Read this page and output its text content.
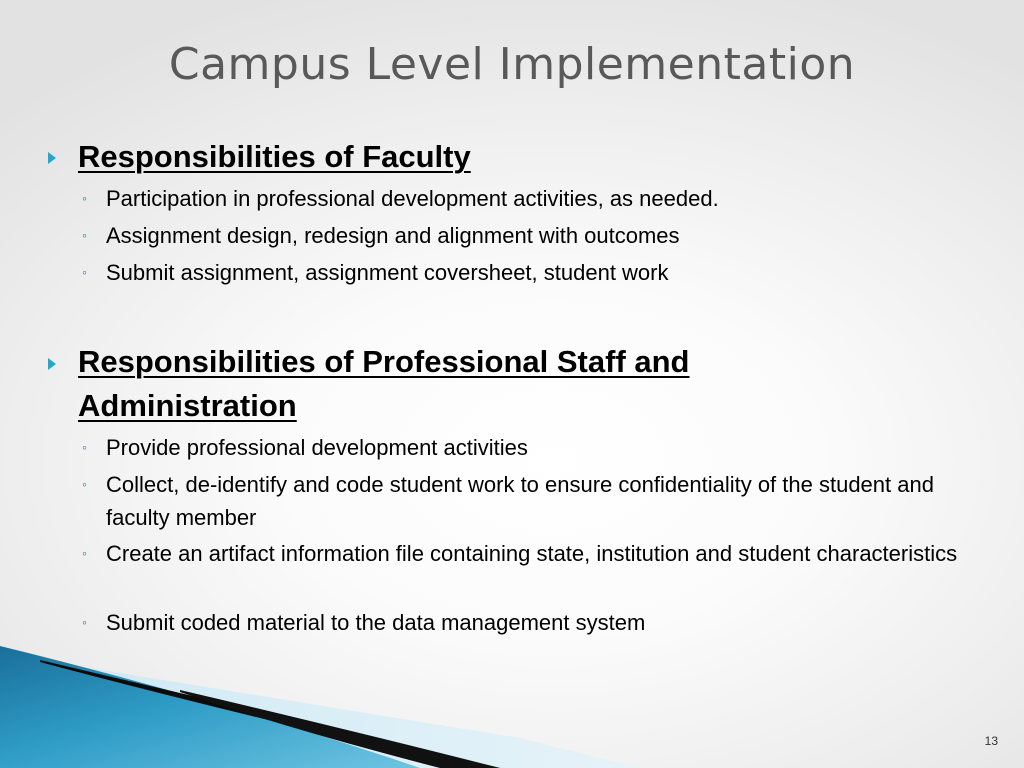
Campus Level Implementation
Responsibilities of Faculty
◦ Participation in professional development activities, as needed.
◦ Assignment design, redesign and alignment with outcomes
◦ Submit assignment, assignment coversheet, student work
Responsibilities of Professional Staff and Administration
◦ Provide professional development activities
◦ Collect, de-identify and code student work to ensure confidentiality of the student and faculty member
◦ Create an artifact information file containing state, institution and student characteristics
◦ Submit coded material to the data management system
13
